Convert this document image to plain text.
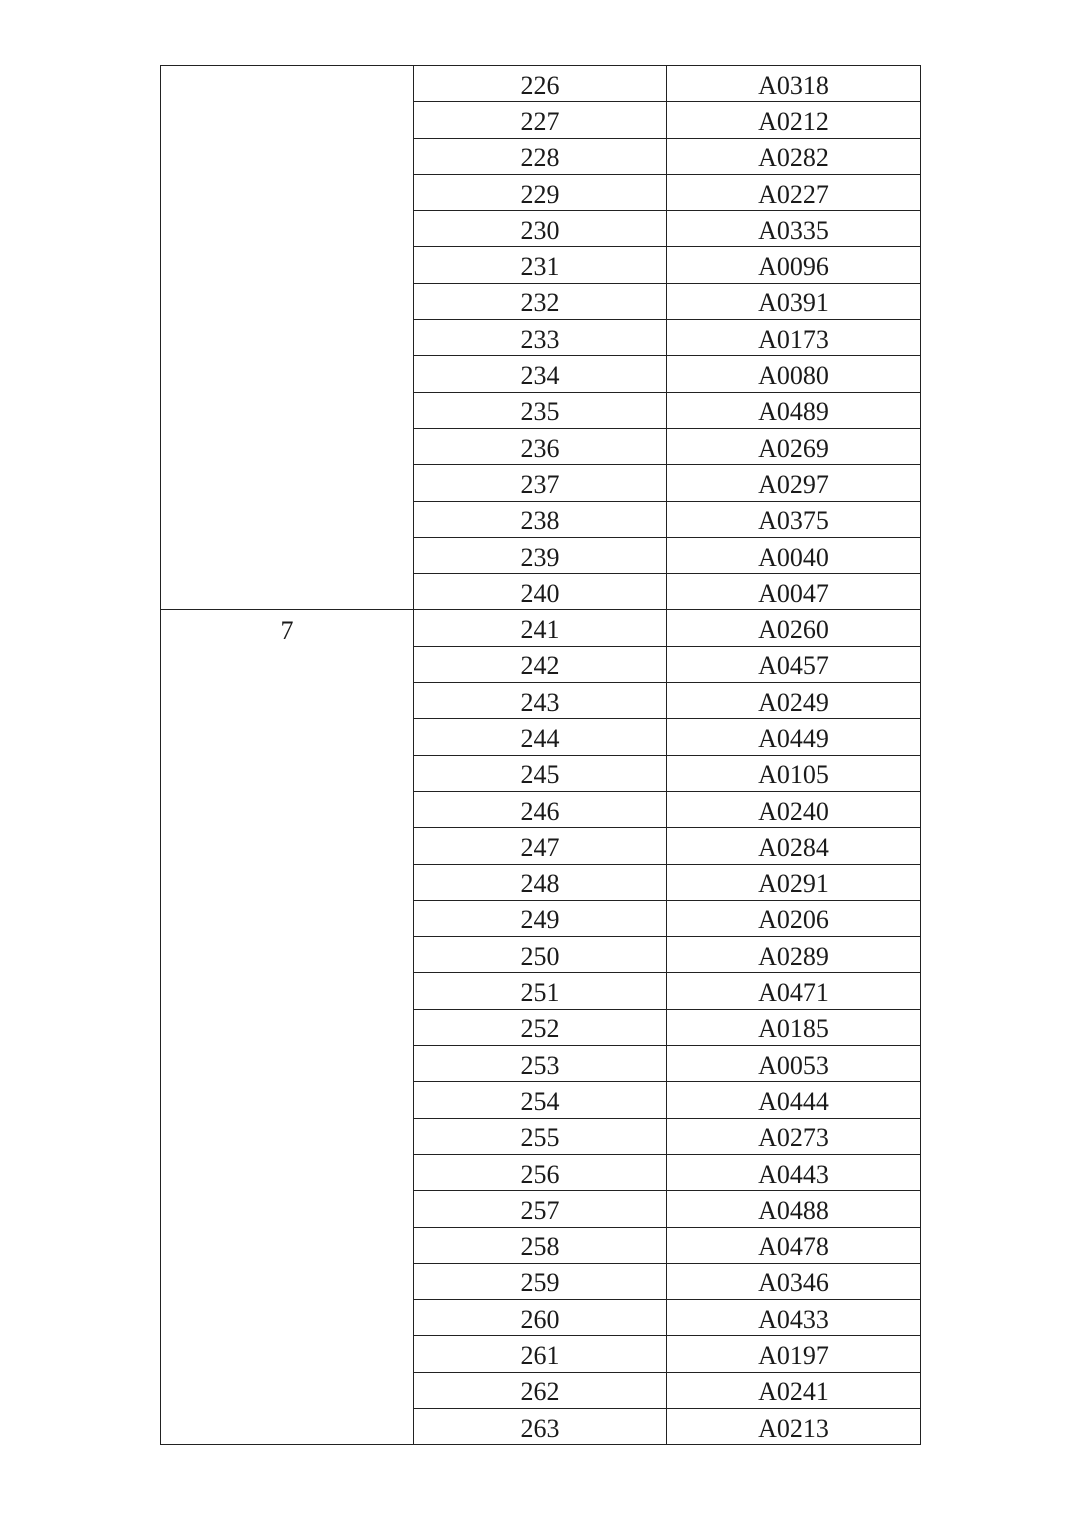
	226	A0318
	227	A0212
	228	A0282
	229	A0227
	230	A0335
	231	A0096
	232	A0391
	233	A0173
	234	A0080
	235	A0489
	236	A0269
	237	A0297
	238	A0375
	239	A0040
	240	A0047
7	241	A0260
	242	A0457
	243	A0249
	244	A0449
	245	A0105
	246	A0240
	247	A0284
	248	A0291
	249	A0206
	250	A0289
	251	A0471
	252	A0185
	253	A0053
	254	A0444
	255	A0273
	256	A0443
	257	A0488
	258	A0478
	259	A0346
	260	A0433
	261	A0197
	262	A0241
	263	A0213
